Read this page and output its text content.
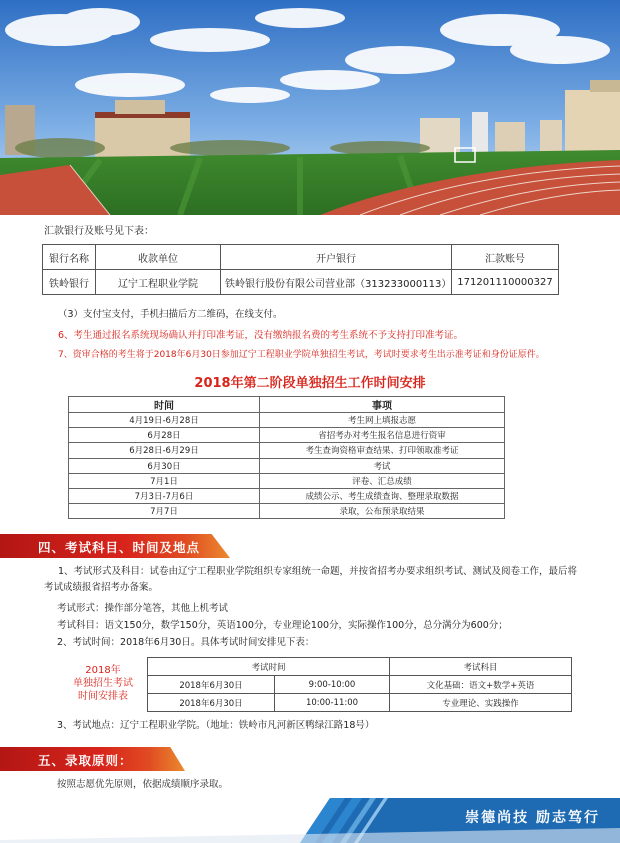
汇款银行及账号见下表：
银行名称	收款单位	开户银行	汇款账号
铁岭银行	辽宁工程职业学院	铁岭银行股份有限公司营业部（313233000113）	171201110000327
（3）支付宝支付，手机扫描后方二维码，在线支付。
6、考生通过报名系统现场确认并打印准考证，没有缴纳报名费的考生系统不予支持打印准考证。
7、资审合格的考生将于2018年6月30日参加辽宁工程职业学院单独招生考试，考试时要求考生出示准考证和身份证原件。
2018年第二阶段单独招生工作时间安排
时间	事项
4月19日-6月28日	考生网上填报志愿
6月28日	省招考办对考生报名信息进行资审
6月28日-6月29日	考生查询资格审查结果、打印领取准考证
6月30日	考试
7月1日	评卷、汇总成绩
7月3日-7月6日	成绩公示、考生成绩查询、整理录取数据
7月7日	录取，公布预录取结果
四、考试科目、时间及地点
1、考试形式及科目：试卷由辽宁工程职业学院组织专家组统一命题，并按省招考办要求组织考试、测试及阅卷工作，最后将考试成绩报省招考办备案。
考试形式：操作部分笔答，其他上机考试
考试科目：语文150分，数学150分，英语100分，专业理论100分，实际操作100分，总分满分为600分；
2、考试时间：2018年6月30日。具体考试时间安排见下表：
2018年
单独招生考试
时间安排表
考试时间		考试科目
2018年6月30日	9:00-10:00	文化基础：语文+数学+英语
2018年6月30日	10:00-11:00	专业理论、实践操作
3、考试地点：辽宁工程职业学院。（地址：铁岭市凡河新区鸭绿江路18号）
五、录取原则：
按照志愿优先原则，依据成绩顺序录取。
崇德尚技 励志笃行
